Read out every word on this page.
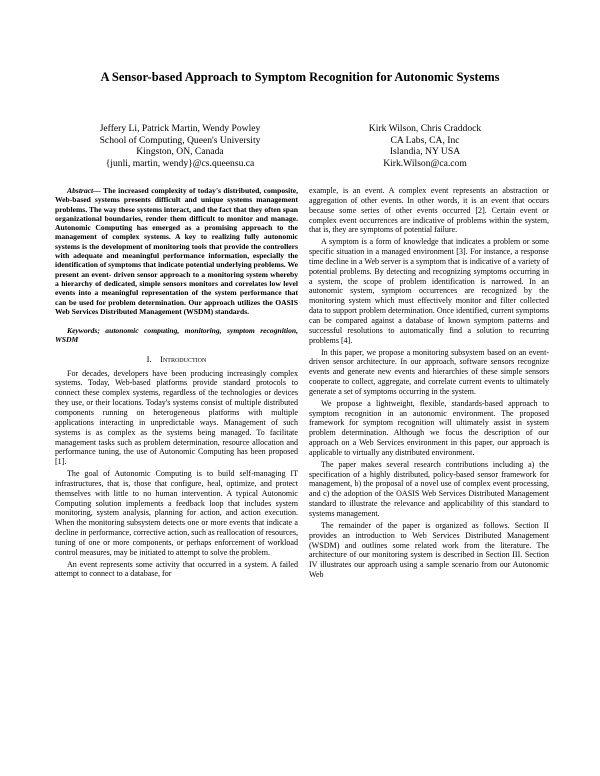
A Sensor-based Approach to Symptom Recognition for Autonomic Systems
Jeffery Li, Patrick Martin, Wendy Powley
School of Computing, Queen's University
Kingston, ON, Canada
{junli, martin, wendy}@cs.queensu.ca
Kirk Wilson, Chris Craddock
CA Labs, CA, Inc
Islandia, NY USA
Kirk.Wilson@ca.com

Abstract— The increased complexity of today's distributed, composite, Web-based systems presents difficult and unique systems management problems. The way these systems interact, and the fact that they often span organizational boundaries, render them difficult to monitor and manage. Autonomic Computing has emerged as a promising approach to the management of complex systems. A key to realizing fully autonomic systems is the development of monitoring tools that provide the controllers with adequate and meaningful performance information, especially the identification of symptoms that indicate potential underlying problems. We present an event- driven sensor approach to a monitoring system whereby a hierarchy of dedicated, simple sensors monitors and correlates low level events into a meaningful representation of the system performance that can be used for problem determination. Our approach utilizes the OASIS Web Services Distributed Management (WSDM) standards.

Keywords; autonomic computing, monitoring, symptom recognition, WSDM

I. Introduction

For decades, developers have been producing increasingly complex systems. Today, Web-based platforms provide standard protocols to connect these complex systems, regardless of the technologies or devices they use, or their locations. Today's systems consist of multiple distributed components running on heterogeneous platforms with multiple applications interacting in unpredictable ways. Management of such systems is as complex as the systems being managed. To facilitate management tasks such as problem determination, resource allocation and performance tuning, the use of Autonomic Computing has been proposed [1].

The goal of Autonomic Computing is to build self-managing IT infrastructures, that is, those that configure, heal, optimize, and protect themselves with little to no human intervention. A typical Autonomic Computing solution implements a feedback loop that includes system monitoring, system analysis, planning for action, and action execution. When the monitoring subsystem detects one or more events that indicate a decline in performance, corrective action, such as reallocation of resources, tuning of one or more components, or perhaps enforcement of workload control measures, may be initiated to attempt to solve the problem.

An event represents some activity that occurred in a system. A failed attempt to connect to a database, for

example, is an event. A complex event represents an abstraction or aggregation of other events. In other words, it is an event that occurs because some series of other events occurred [2]. Certain event or complex event occurrences are indicative of problems within the system, that is, they are symptoms of potential failure.

A symptom is a form of knowledge that indicates a problem or some specific situation in a managed environment [3]. For instance, a response time decline in a Web server is a symptom that is indicative of a variety of potential problems. By detecting and recognizing symptoms occurring in a system, the scope of problem identification is narrowed. In an autonomic system, symptom occurrences are recognized by the monitoring system which must effectively monitor and filter collected data to support problem determination. Once identified, current symptoms can be compared against a database of known symptom patterns and successful resolutions to automatically find a solution to recurring problems [4].

In this paper, we propose a monitoring subsystem based on an event-driven sensor architecture. In our approach, software sensors recognize events and generate new events and hierarchies of these simple sensors cooperate to collect, aggregate, and correlate current events to ultimately generate a set of symptoms occurring in the system.

We propose a lightweight, flexible, standards-based approach to symptom recognition in an autonomic environment. The proposed framework for symptom recognition will ultimately assist in system problem determination. Although we focus the description of our approach on a Web Services environment in this paper, our approach is applicable to virtually any distributed environment.

The paper makes several research contributions including a) the specification of a highly distributed, policy-based sensor framework for management, b) the proposal of a novel use of complex event processing, and c) the adoption of the OASIS Web Services Distributed Management standard to illustrate the relevance and applicability of this standard to systems management.

The remainder of the paper is organized as follows. Section II provides an introduction to Web Services Distributed Management (WSDM) and outlines some related work from the literature. The architecture of our monitoring system is described in Section III. Section IV illustrates our approach using a sample scenario from our Autonomic Web
